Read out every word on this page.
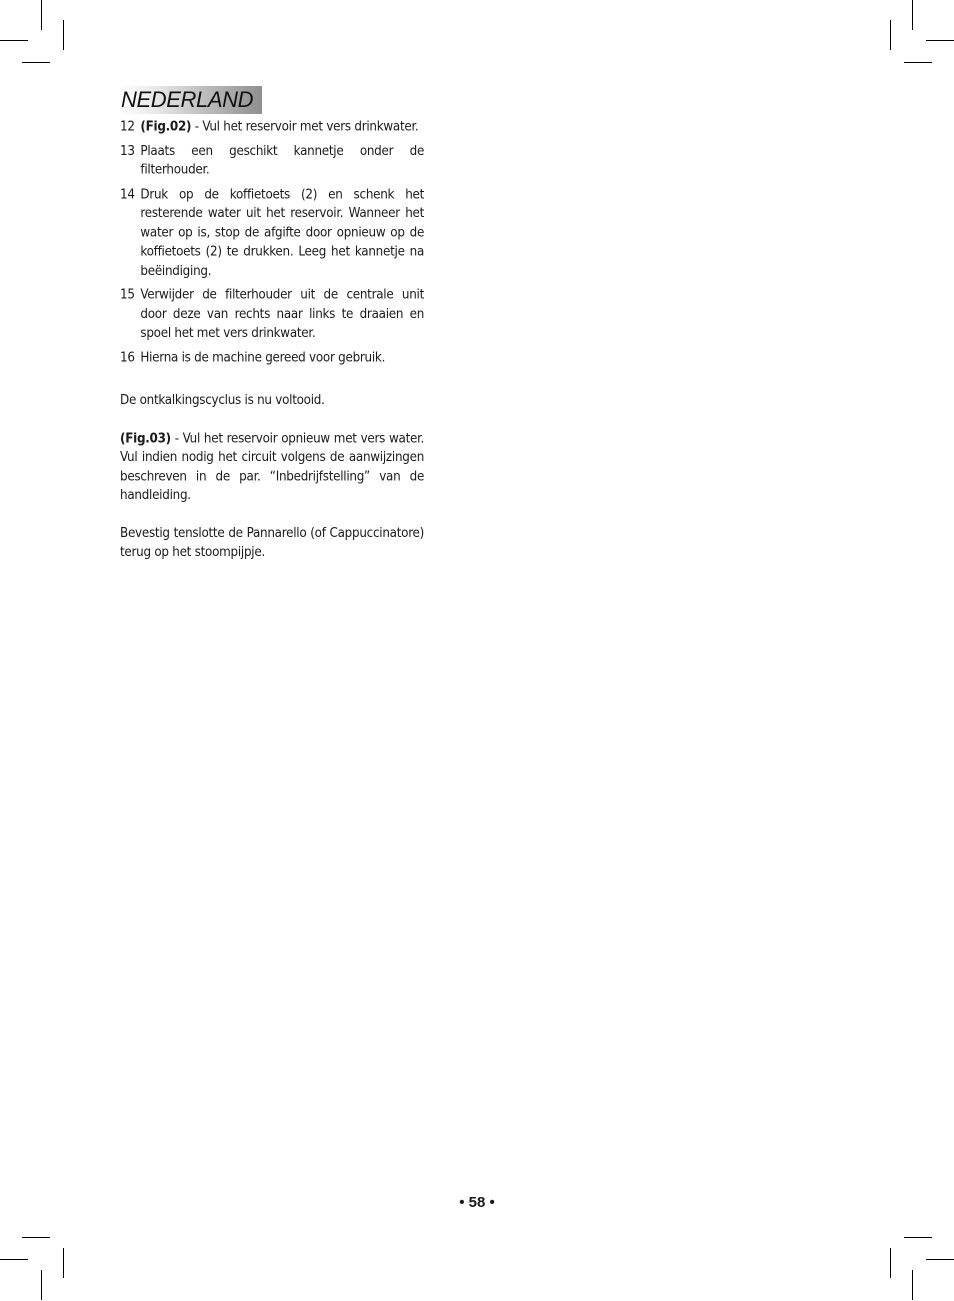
NEDERLAND
12 (Fig.02) - Vul het reservoir met vers drinkwater.
13 Plaats een geschikt kannetje onder de filterhouder.
14 Druk op de koffietoets (2) en schenk het resterende water uit het reservoir. Wanneer het water op is, stop de afgifte door opnieuw op de koffietoets (2) te drukken. Leeg het kannetje na beëindiging.
15 Verwijder de filterhouder uit de centrale unit door deze van rechts naar links te draaien en spoel het met vers drinkwater.
16 Hierna is de machine gereed voor gebruik.

De ontkalkingscyclus is nu voltooid.

(Fig.03) - Vul het reservoir opnieuw met vers water. Vul indien nodig het circuit volgens de aanwijzingen beschreven in de par. “Inbedrijfstelling” van de handleiding.

Bevestig tenslotte de Pannarello (of Cappuccinatore) terug op het stoompijpje.

• 58 •
